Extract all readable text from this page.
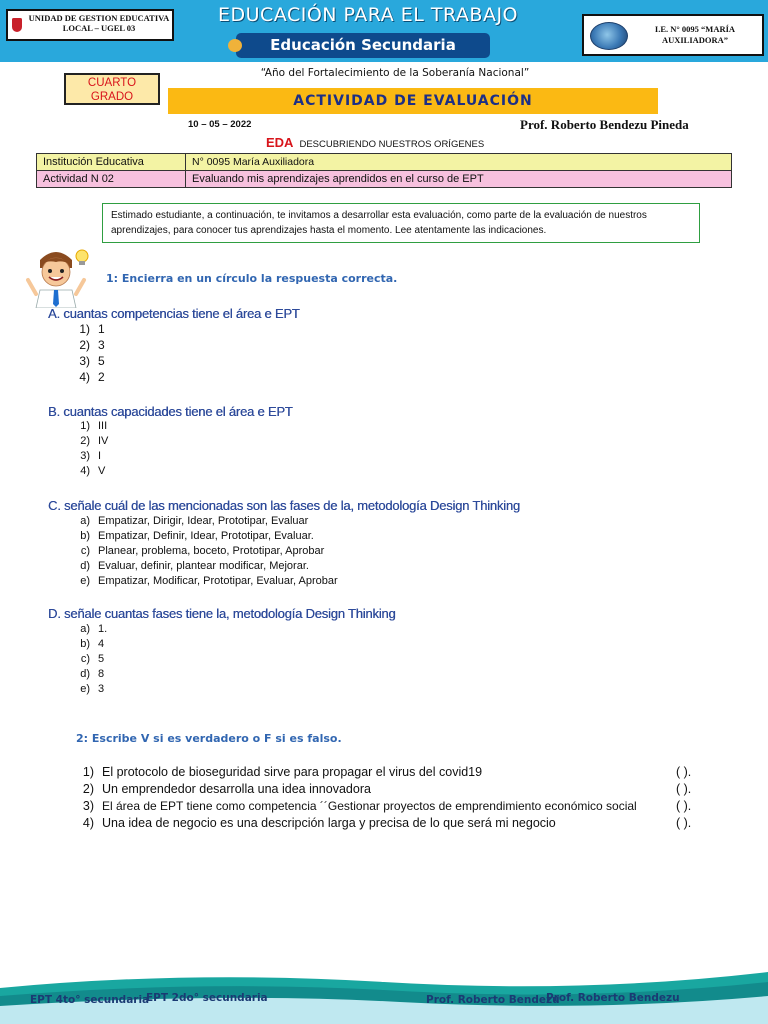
UNIDAD DE GESTION EDUCATIVA
LOCAL – UGEL 03
EDUCACIÓN PARA EL TRABAJO
Educación Secundaria
I.E. N° 0095 “MARÍA
AUXILIADORA”
“Año del Fortalecimiento de la Soberanía Nacional”
CUARTO
GRADO	ACTIVIDAD DE EVALUACIÓN
10 – 05 – 2022	Prof. Roberto Bendezu Pineda
EDA DESCUBRIENDO NUESTROS ORÍGENES
Institución Educativa	N° 0095 María Auxiliadora
Actividad N 02	Evaluando mis aprendizajes aprendidos en el curso de EPT
Estimado estudiante, a continuación, te invitamos a desarrollar esta evaluación, como parte de la evaluación de nuestros aprendizajes, para conocer tus aprendizajes hasta el momento. Lee atentamente las indicaciones.
1: Encierra en un círculo la respuesta correcta.
A. cuantas competencias tiene el área e EPT
1) 1
2) 3
3) 5
4) 2
B. cuantas capacidades tiene el área e EPT
1) III
2) IV
3) I
4) V
C. señale cuál de las mencionadas son las fases de la, metodología Design Thinking
a) Empatizar, Dirigir, Idear, Prototipar, Evaluar
b) Empatizar, Definir, Idear, Prototipar, Evaluar.
c) Planear, problema, boceto, Prototipar, Aprobar
d) Evaluar, definir, plantear modificar, Mejorar.
e) Empatizar, Modificar, Prototipar, Evaluar, Aprobar
D. señale cuantas fases tiene la, metodología Design Thinking
a) 1.
b) 4
c) 5
d) 8
e) 3
2: Escribe V si es verdadero o F si es falso.
1) El protocolo de bioseguridad sirve para propagar el virus del covid19	( ).
2) Un emprendedor desarrolla una idea innovadora	( ).
3) El área de EPT tiene como competencia ´´Gestionar proyectos de emprendimiento económico social	( ).
4) Una idea de negocio es una descripción larga y precisa de lo que será mi negocio	( ).
EPT 4to° secundaria
EPT 2do° secundaria	Prof. Roberto Bendezu
Prof. Roberto Bendezu
